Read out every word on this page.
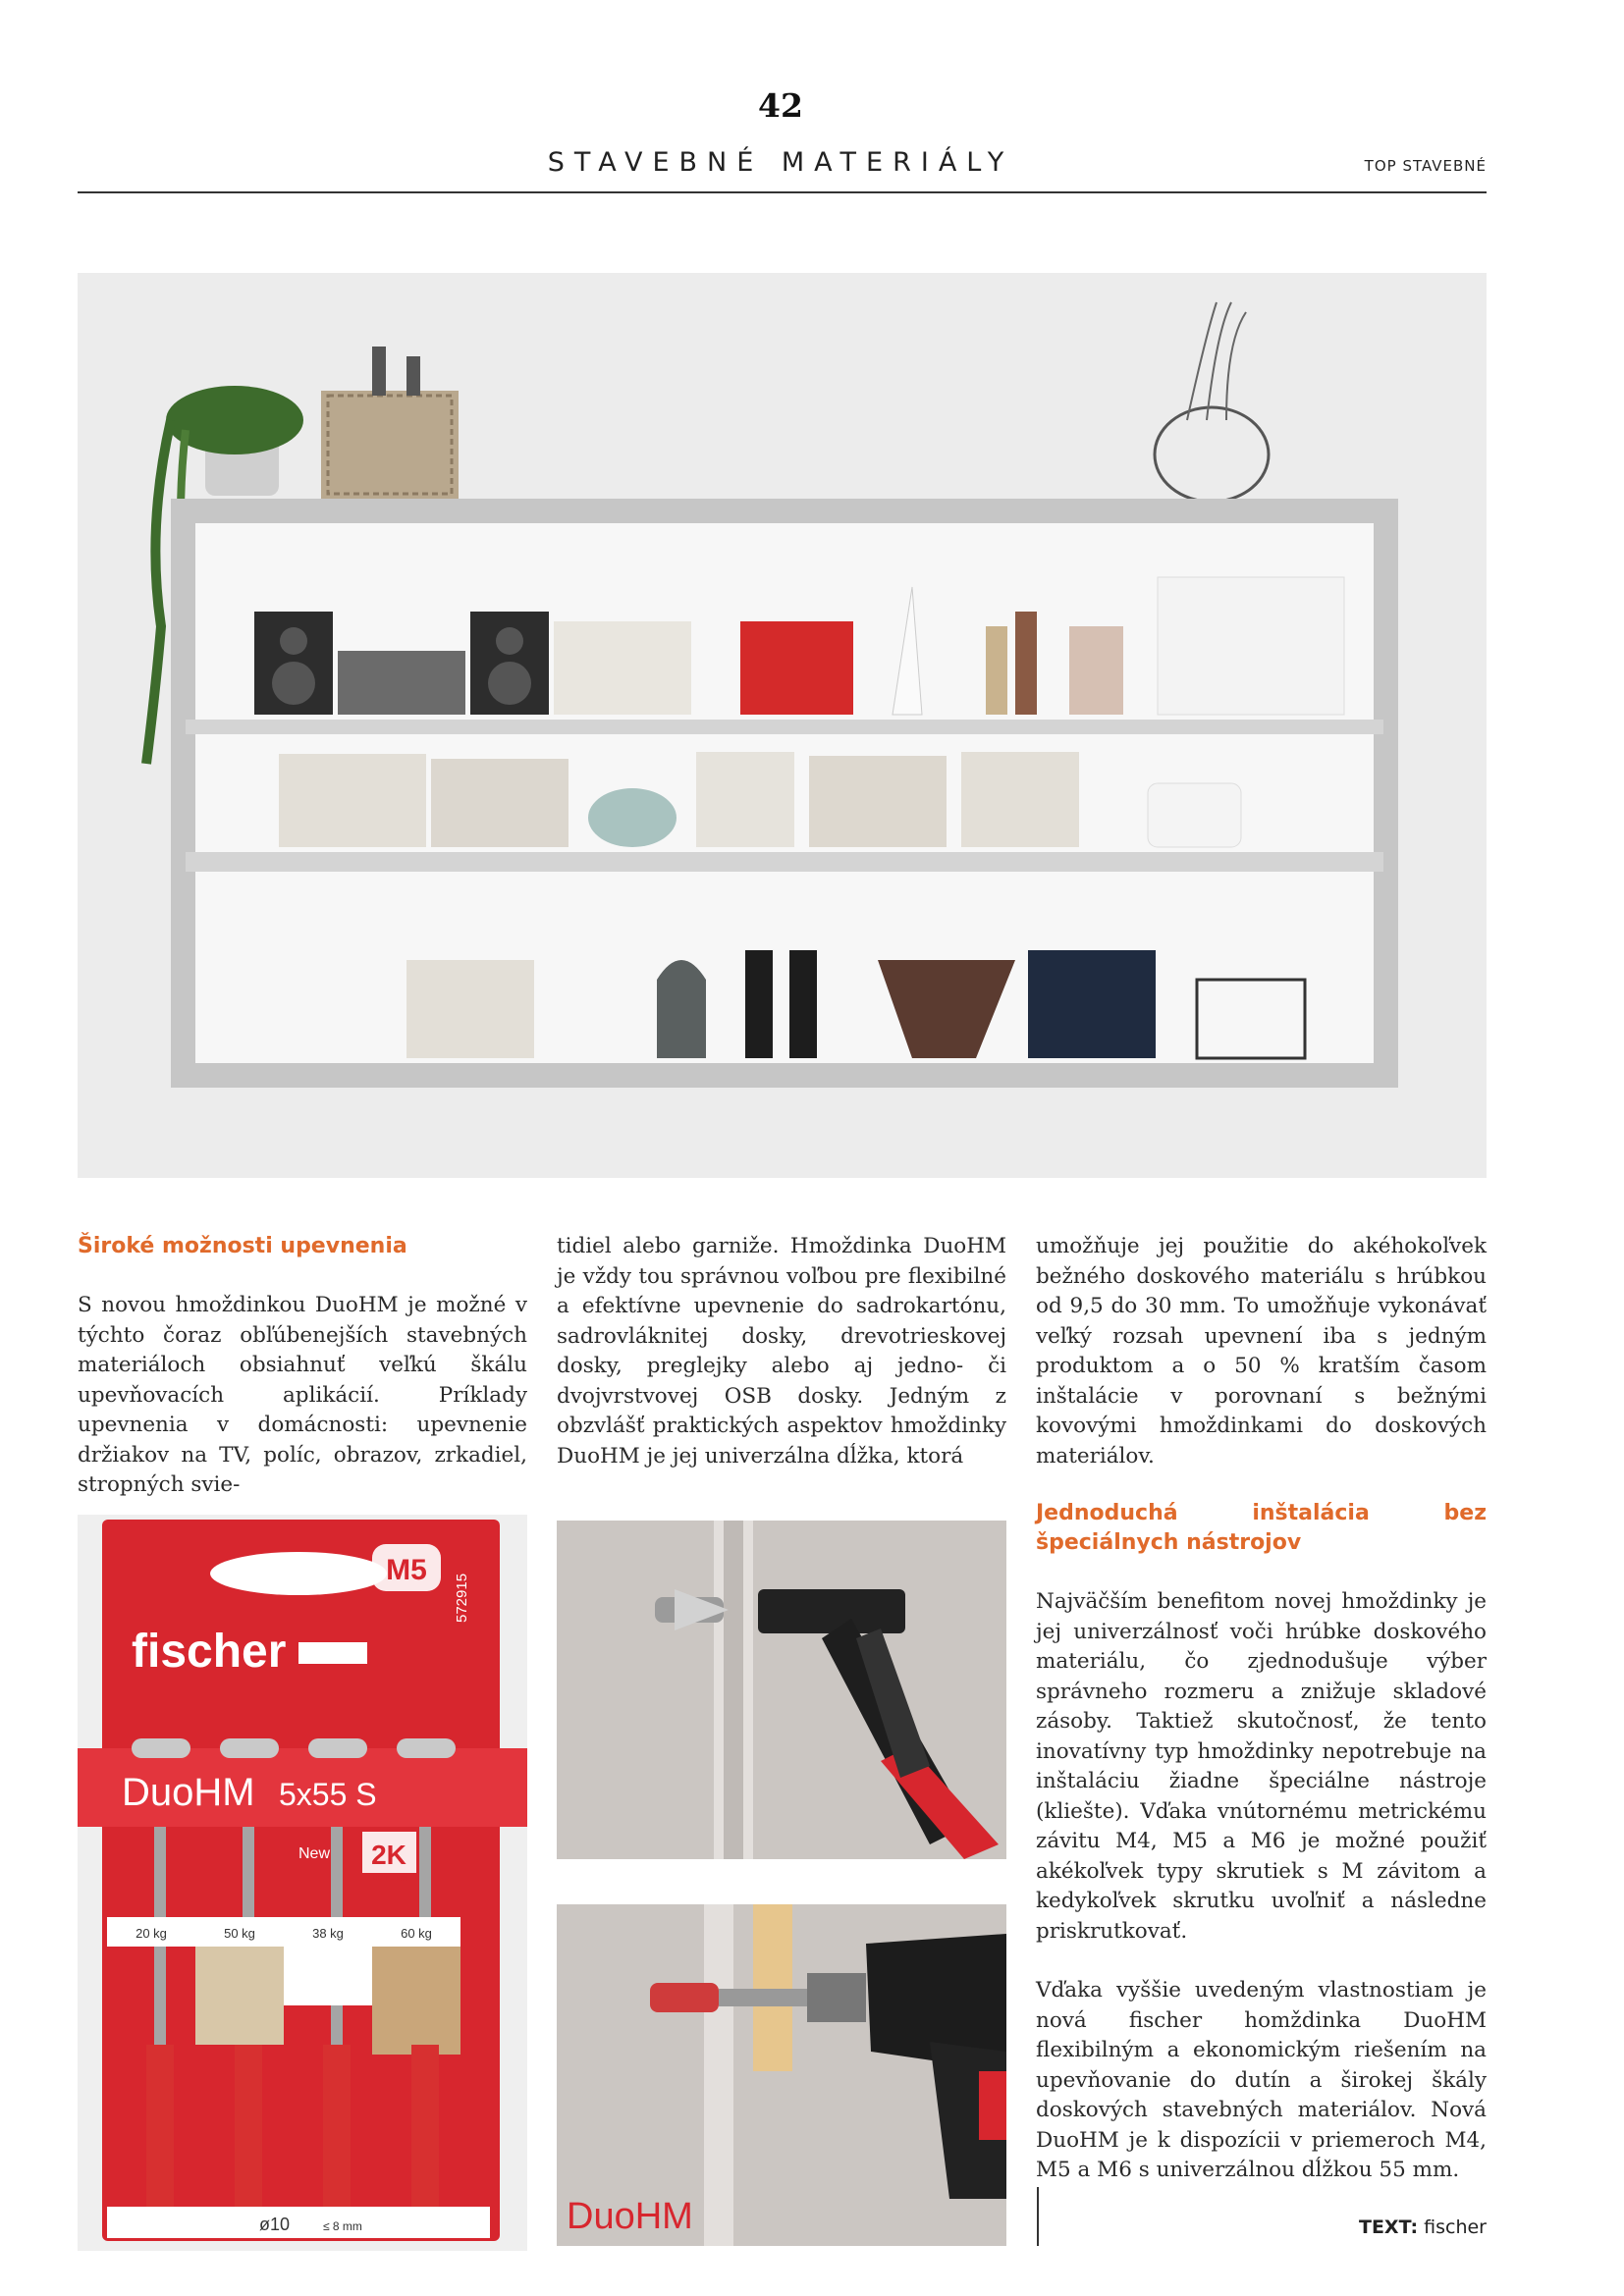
42
STAVEBNÉ MATERIÁLY	TOP STAVEBNÉ
Široké možnosti upevnenia

S novou hmoždinkou DuoHM je možné v týchto čoraz obľúbenejších stavebných materiáloch obsiahnuť veľkú škálu upevňovacích aplikácií. Príklady upevnenia v domácnosti: upevnenie držiakov na TV, políc, obrazov, zrkadiel, stropných svie-

tidiel alebo garniže. Hmoždinka DuoHM je vždy tou správnou voľbou pre flexibilné a efektívne upevnenie do sadrokartónu, sadrovláknitej dosky, drevotrieskovej dosky, preglejky alebo aj jedno- či dvojvrstvovej OSB dosky. Jedným z obzvlášť praktických aspektov hmoždinky DuoHM je jej univerzálna dĺžka, ktorá

umožňuje jej použitie do akéhokoľvek bežného doskového materiálu s hrúbkou od 9,5 do 30 mm. To umožňuje vykonávať veľký rozsah upevnení iba s jedným produktom a o 50 % kratším časom inštalácie v porovnaní s bežnými kovovými hmoždinkami do doskových materiálov.

Jednoduchá inštalácia bez špeciálnych nástrojov

Najväčším benefitom novej hmoždinky je jej univerzálnosť voči hrúbke doskového materiálu, čo zjednodušuje výber správneho rozmeru a znižuje skladové zásoby. Taktiež skutočnosť, že tento inovatívny typ hmoždinky nepotrebuje na inštaláciu žiadne špeciálne nástroje (kliešte). Vďaka vnútornému metrickému závitu M4, M5 a M6 je možné použiť akékoľvek typy skrutiek s M závitom a kedykoľvek skrutku uvoľniť a následne priskrutkovať.

Vďaka vyššie uvedeným vlastnostiam je nová fischer homždinka DuoHM flexibilným a ekonomickým riešením na upevňovanie do dutín a širokej škály doskových stavebných materiálov. Nová DuoHM je k dispozícii v priemeroch M4, M5 a M6 s univerzálnou dĺžkou 55 mm.

M5
572915
fischer
DuoHM 5x55 S
2K
Technology
New
20 kg	50 kg	38 kg	60 kg
ø10	≤ 8 mm	DuoHM	TEXT: fischer
